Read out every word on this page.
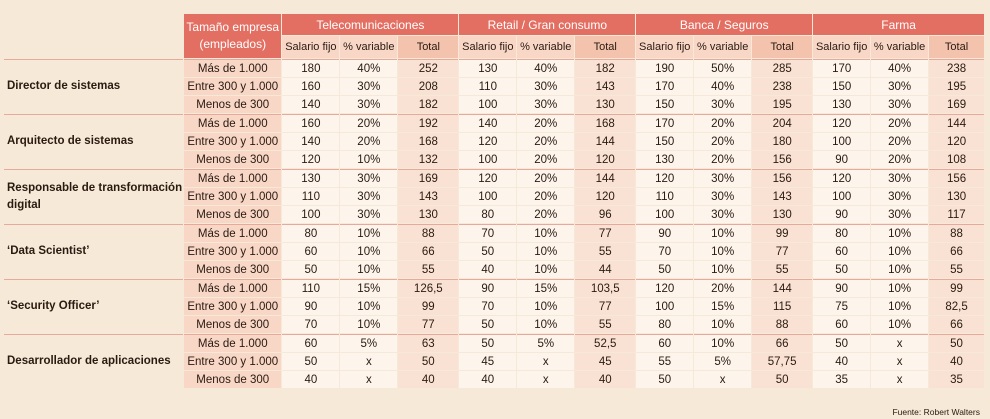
	Tamaño empresa
(empleados)	Telecomunicaciones			Retail / Gran consumo			Banca / Seguros			Farma		
		Salario fijo	% variable	Total	Salario fijo	% variable	Total	Salario fijo	% variable	Total	Salario fijo	% variable	Total

Director de sistemas	Más de 1.000	180	40%	252	130	40%	182	190	50%	285	170	40%	238
	Entre 300 y 1.000	160	30%	208	110	30%	143	170	40%	238	150	30%	195
	Menos de 300	140	30%	182	100	30%	130	150	30%	195	130	30%	169

Arquitecto de sistemas	Más de 1.000	160	20%	192	140	20%	168	170	20%	204	120	20%	144
	Entre 300 y 1.000	140	20%	168	120	20%	144	150	20%	180	100	20%	120
	Menos de 300	120	10%	132	100	20%	120	130	20%	156	90	20%	108

Responsable de transformación
digital	Más de 1.000	130	30%	169	120	20%	144	120	30%	156	120	30%	156
	Entre 300 y 1.000	110	30%	143	100	20%	120	110	30%	143	100	30%	130
	Menos de 300	100	30%	130	80	20%	96	100	30%	130	90	30%	117

‘Data Scientist’	Más de 1.000	80	10%	88	70	10%	77	90	10%	99	80	10%	88
	Entre 300 y 1.000	60	10%	66	50	10%	55	70	10%	77	60	10%	66
	Menos de 300	50	10%	55	40	10%	44	50	10%	55	50	10%	55

‘Security Officer’	Más de 1.000	110	15%	126,5	90	15%	103,5	120	20%	144	90	10%	99
	Entre 300 y 1.000	90	10%	99	70	10%	77	100	15%	115	75	10%	82,5
	Menos de 300	70	10%	77	50	10%	55	80	10%	88	60	10%	66

Desarrollador de aplicaciones	Más de 1.000	60	5%	63	50	5%	52,5	60	10%	66	50	x	50
	Entre 300 y 1.000	50	x	50	45	x	45	55	5%	57,75	40	x	40
	Menos de 300	40	x	40	40	x	40	50	x	50	35	x	35
Fuente: Robert Walters
